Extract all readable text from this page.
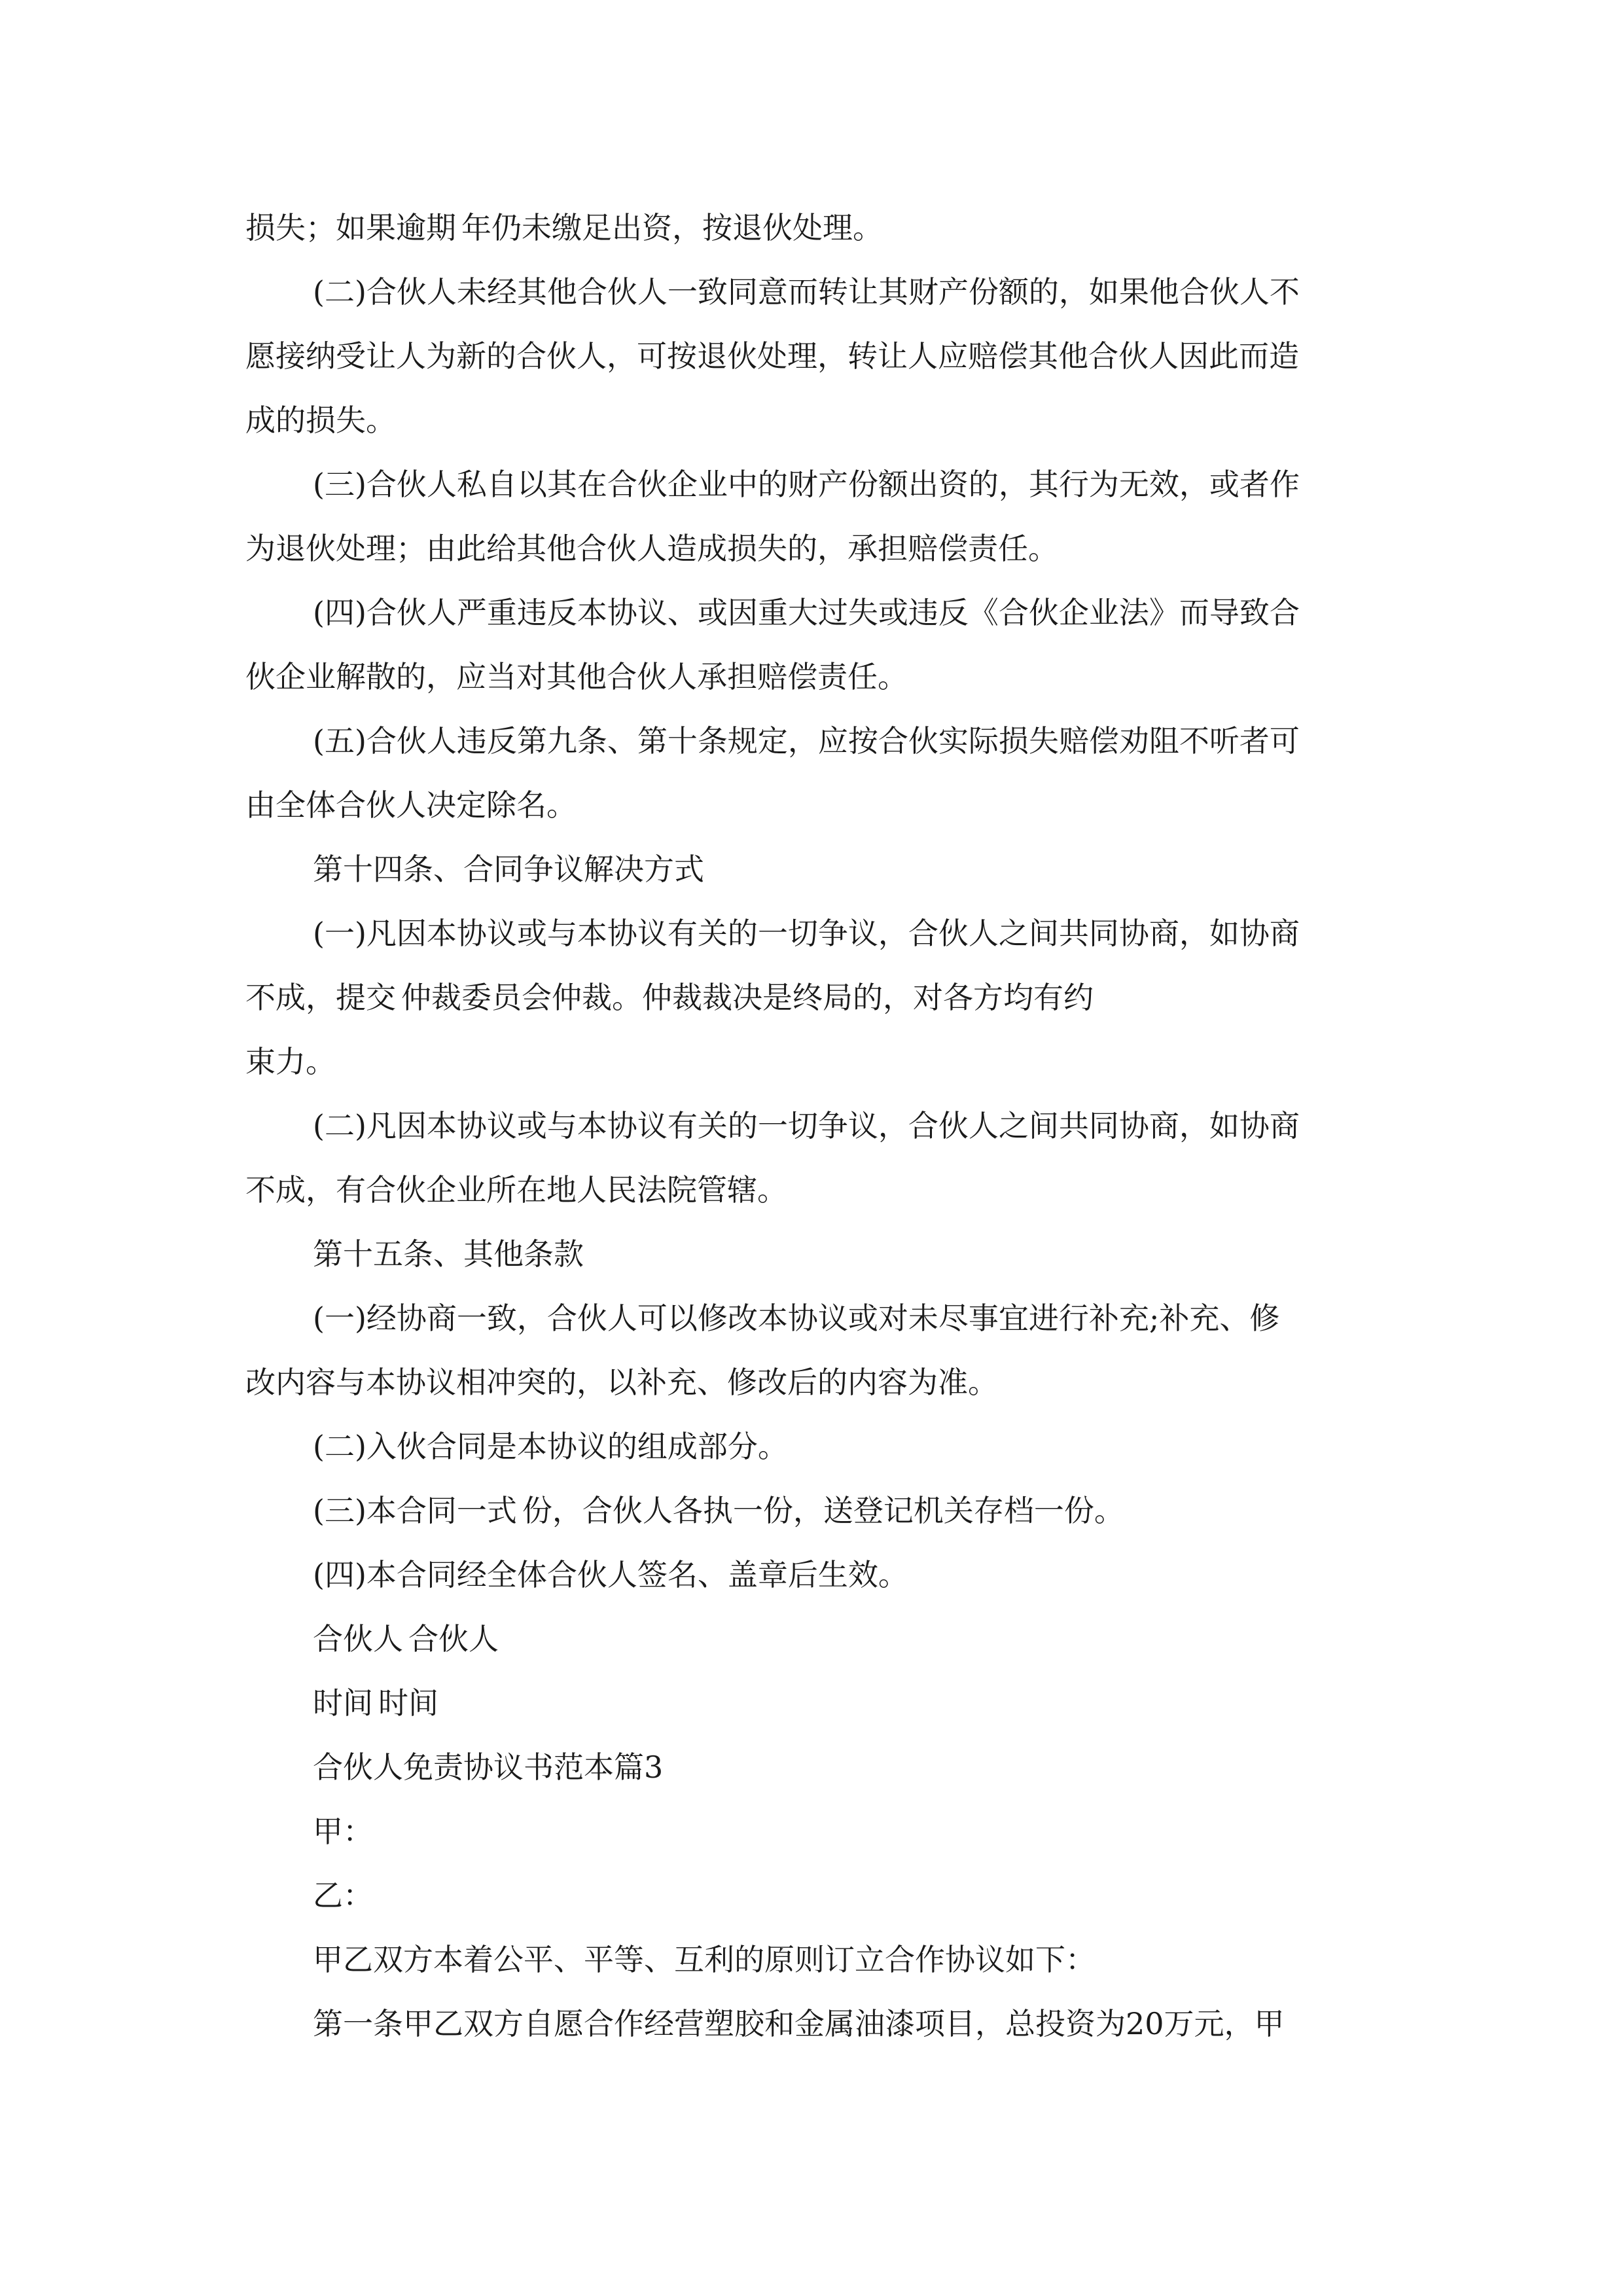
损失；如果逾期 年仍未缴足出资，按退伙处理。
(二)合伙人未经其他合伙人一致同意而转让其财产份额的，如果他合伙人不
愿接纳受让人为新的合伙人，可按退伙处理，转让人应赔偿其他合伙人因此而造
成的损失。
(三)合伙人私自以其在合伙企业中的财产份额出资的，其行为无效，或者作
为退伙处理；由此给其他合伙人造成损失的，承担赔偿责任。
(四)合伙人严重违反本协议、或因重大过失或违反《合伙企业法》而导致合
伙企业解散的，应当对其他合伙人承担赔偿责任。
(五)合伙人违反第九条、第十条规定，应按合伙实际损失赔偿劝阻不听者可
由全体合伙人决定除名。
第十四条、合同争议解决方式
(一)凡因本协议或与本协议有关的一切争议，合伙人之间共同协商，如协商
不成，提交 仲裁委员会仲裁。仲裁裁决是终局的，对各方均有约
束力。
(二)凡因本协议或与本协议有关的一切争议，合伙人之间共同协商，如协商
不成，有合伙企业所在地人民法院管辖。
第十五条、其他条款
(一)经协商一致，合伙人可以修改本协议或对未尽事宜进行补充;补充、修
改内容与本协议相冲突的，以补充、修改后的内容为准。
(二)入伙合同是本协议的组成部分。
(三)本合同一式 份，合伙人各执一份，送登记机关存档一份。
(四)本合同经全体合伙人签名、盖章后生效。
合伙人 合伙人
时间 时间
合伙人免责协议书范本篇3
甲：
乙：
甲乙双方本着公平、平等、互利的原则订立合作协议如下：
第一条甲乙双方自愿合作经营塑胶和金属油漆项目，总投资为20万元，甲
